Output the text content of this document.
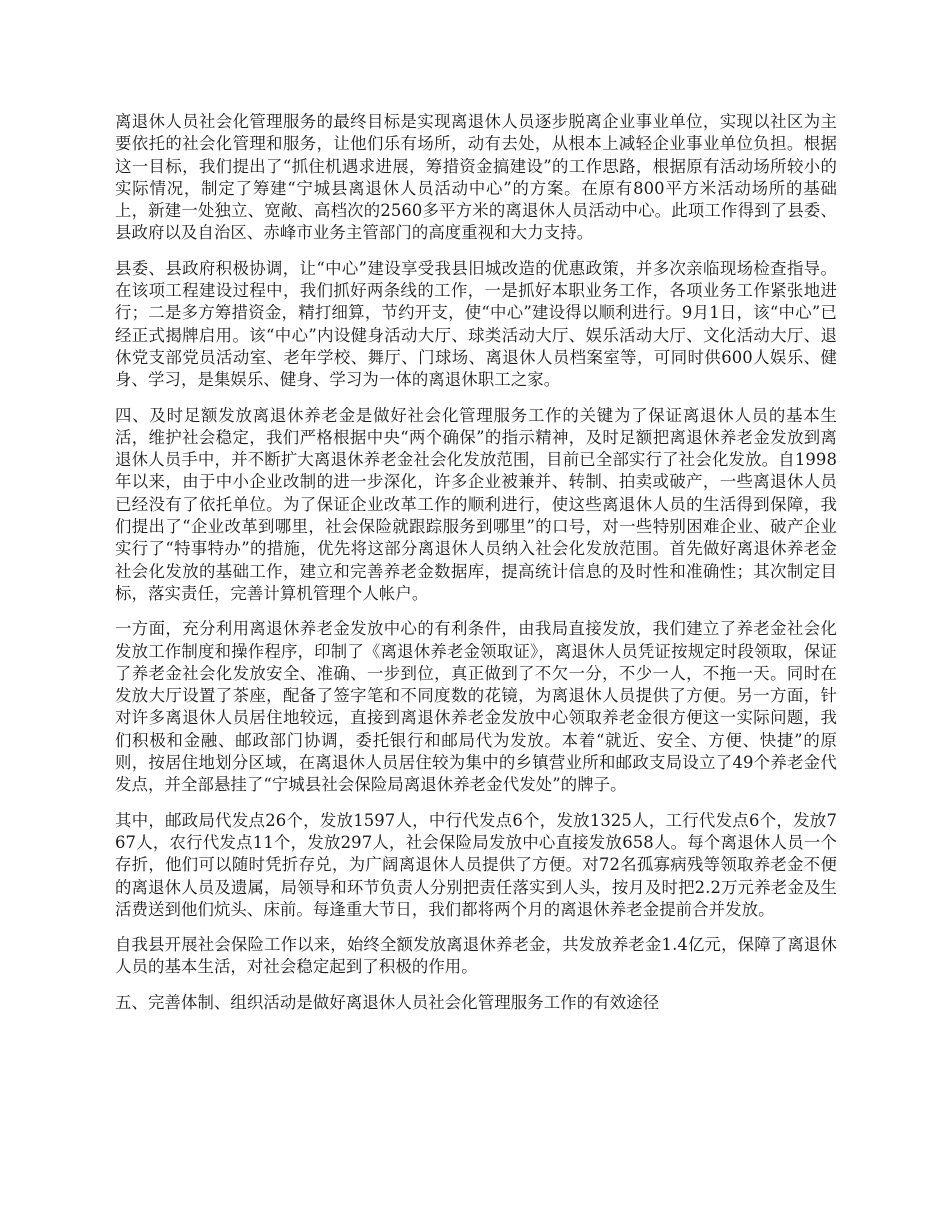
离退休人员社会化管理服务的最终目标是实现离退休人员逐步脱离企业事业单位，实现以社区为主要依托的社会化管理和服务，让他们乐有场所，动有去处，从根本上减轻企业事业单位负担。根据这一目标，我们提出了“抓住机遇求进展，筹措资金搞建设”的工作思路，根据原有活动场所较小的实际情况，制定了筹建“宁城县离退休人员活动中心”的方案。在原有800平方米活动场所的基础上，新建一处独立、宽敞、高档次的2560多平方米的离退休人员活动中心。此项工作得到了县委、县政府以及自治区、赤峰市业务主管部门的高度重视和大力支持。

县委、县政府积极协调，让“中心”建设享受我县旧城改造的优惠政策，并多次亲临现场检查指导。在该项工程建设过程中，我们抓好两条线的工作，一是抓好本职业务工作，各项业务工作紧张地进行；二是多方筹措资金，精打细算，节约开支，使“中心”建设得以顺利进行。9月1日，该“中心”已经正式揭牌启用。该“中心”内设健身活动大厅、球类活动大厅、娱乐活动大厅、文化活动大厅、退休党支部党员活动室、老年学校、舞厅、门球场、离退休人员档案室等，可同时供600人娱乐、健身、学习，是集娱乐、健身、学习为一体的离退休职工之家。

四、及时足额发放离退休养老金是做好社会化管理服务工作的关键为了保证离退休人员的基本生活，维护社会稳定，我们严格根据中央“两个确保”的指示精神，及时足额把离退休养老金发放到离退休人员手中，并不断扩大离退休养老金社会化发放范围，目前已全部实行了社会化发放。自1998年以来，由于中小企业改制的进一步深化，许多企业被兼并、转制、拍卖或破产，一些离退休人员已经没有了依托单位。为了保证企业改革工作的顺利进行，使这些离退休人员的生活得到保障，我们提出了“企业改革到哪里，社会保险就跟踪服务到哪里”的口号，对一些特别困难企业、破产企业实行了“特事特办”的措施，优先将这部分离退休人员纳入社会化发放范围。首先做好离退休养老金社会化发放的基础工作，建立和完善养老金数据库，提高统计信息的及时性和准确性；其次制定目标，落实责任，完善计算机管理个人帐户。

一方面，充分利用离退休养老金发放中心的有利条件，由我局直接发放，我们建立了养老金社会化发放工作制度和操作程序，印制了《离退休养老金领取证》，离退休人员凭证按规定时段领取，保证了养老金社会化发放安全、准确、一步到位，真正做到了不欠一分，不少一人，不拖一天。同时在发放大厅设置了茶座，配备了签字笔和不同度数的花镜，为离退休人员提供了方便。另一方面，针对许多离退休人员居住地较远，直接到离退休养老金发放中心领取养老金很方便这一实际问题，我们积极和金融、邮政部门协调，委托银行和邮局代为发放。本着“就近、安全、方便、快捷”的原则，按居住地划分区域，在离退休人员居住较为集中的乡镇营业所和邮政支局设立了49个养老金代发点，并全部悬挂了“宁城县社会保险局离退休养老金代发处”的牌子。

其中，邮政局代发点26个，发放1597人，中行代发点6个，发放1325人，工行代发点6个，发放767人，农行代发点11个，发放297人，社会保险局发放中心直接发放658人。每个离退休人员一个存折，他们可以随时凭折存兑，为广阔离退休人员提供了方便。对72名孤寡病残等领取养老金不便的离退休人员及遗属，局领导和环节负责人分别把责任落实到人头，按月及时把2.2万元养老金及生活费送到他们炕头、床前。每逢重大节日，我们都将两个月的离退休养老金提前合并发放。

自我县开展社会保险工作以来，始终全额发放离退休养老金，共发放养老金1.4亿元，保障了离退休人员的基本生活，对社会稳定起到了积极的作用。

五、完善体制、组织活动是做好离退休人员社会化管理服务工作的有效途径
